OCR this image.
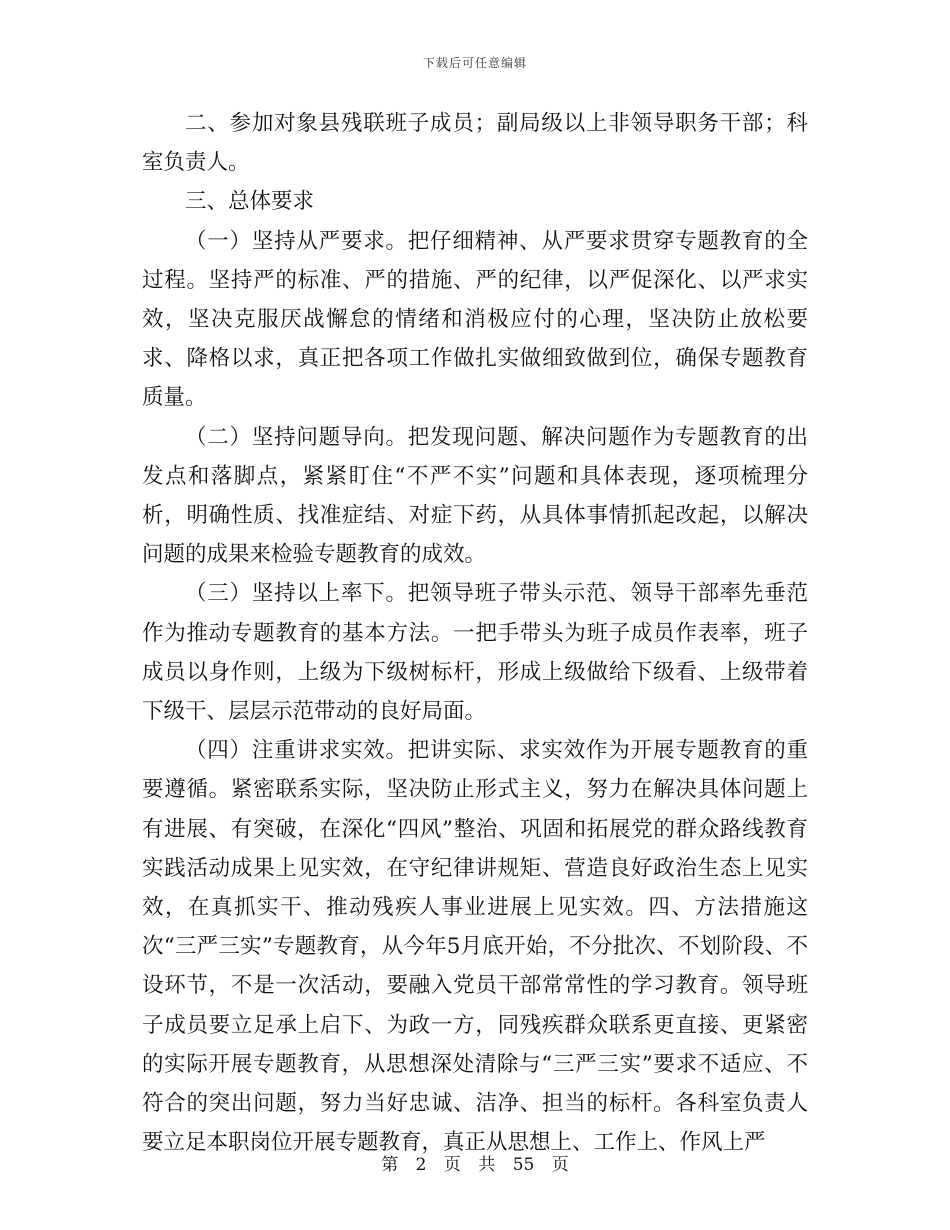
下载后可任意编辑

二、参加对象县残联班子成员；副局级以上非领导职务干部；科室负责人。

三、总体要求

（一）坚持从严要求。把仔细精神、从严要求贯穿专题教育的全过程。坚持严的标准、严的措施、严的纪律，以严促深化、以严求实效，坚决克服厌战懈怠的情绪和消极应付的心理，坚决防止放松要求、降格以求，真正把各项工作做扎实做细致做到位，确保专题教育质量。

（二）坚持问题导向。把发现问题、解决问题作为专题教育的出发点和落脚点，紧紧盯住“不严不实”问题和具体表现，逐项梳理分析，明确性质、找准症结、对症下药，从具体事情抓起改起，以解决问题的成果来检验专题教育的成效。

（三）坚持以上率下。把领导班子带头示范、领导干部率先垂范作为推动专题教育的基本方法。一把手带头为班子成员作表率，班子成员以身作则，上级为下级树标杆，形成上级做给下级看、上级带着下级干、层层示范带动的良好局面。

（四）注重讲求实效。把讲实际、求实效作为开展专题教育的重要遵循。紧密联系实际，坚决防止形式主义，努力在解决具体问题上有进展、有突破，在深化“四风”整治、巩固和拓展党的群众路线教育实践活动成果上见实效，在守纪律讲规矩、营造良好政治生态上见实效，在真抓实干、推动残疾人事业进展上见实效。四、方法措施这次“三严三实”专题教育，从今年5月底开始，不分批次、不划阶段、不设环节，不是一次活动，要融入党员干部常常性的学习教育。领导班子成员要立足承上启下、为政一方，同残疾群众联系更直接、更紧密的实际开展专题教育，从思想深处清除与“三严三实”要求不适应、不符合的突出问题，努力当好忠诚、洁净、担当的标杆。各科室负责人要立足本职岗位开展专题教育，真正从思想上、工作上、作风上严

第 2 页 共 55 页
